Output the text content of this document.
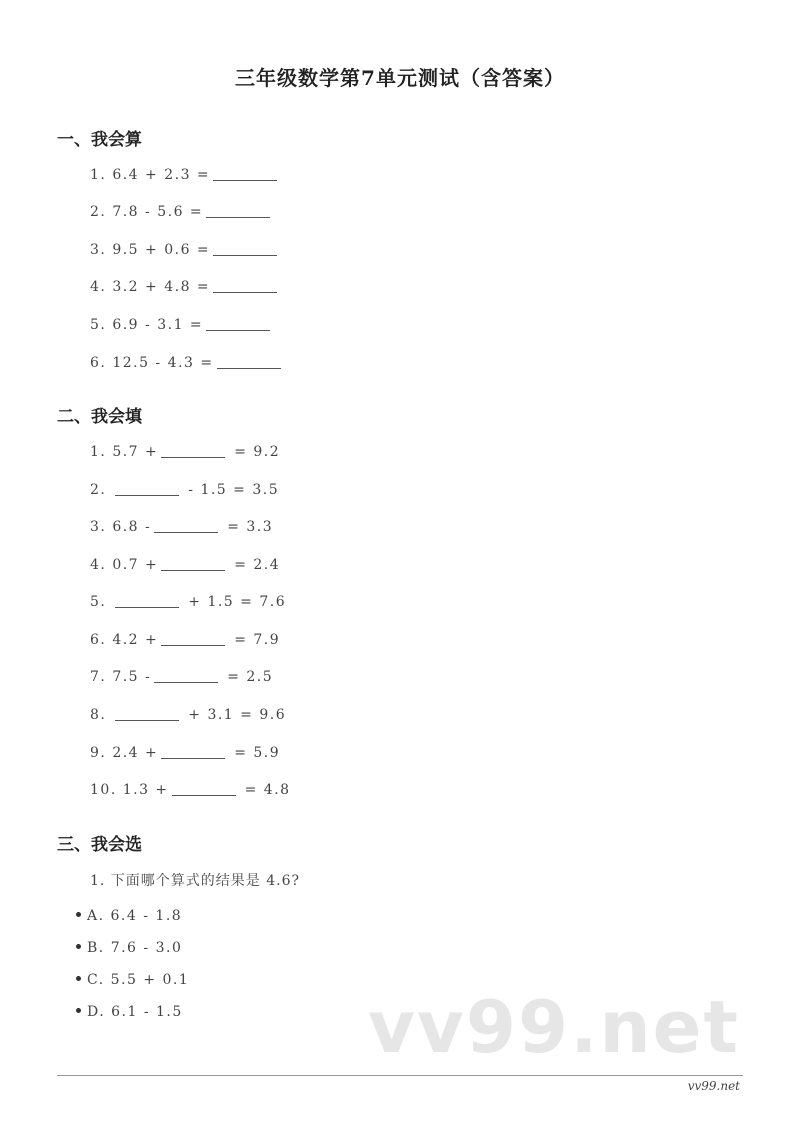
三年级数学第7单元测试（含答案）
一、我会算
1. 6.4 + 2.3 =
2. 7.8 - 5.6 =
3. 9.5 + 0.6 =
4. 3.2 + 4.8 =
5. 6.9 - 3.1 =
6. 12.5 - 4.3 =
二、我会填
1. 5.7 +	= 9.2
2.	- 1.5 = 3.5
3. 6.8 -	= 3.3
4. 0.7 +	= 2.4
5.	+ 1.5 = 7.6
6. 4.2 +	= 7.9
7. 7.5 -	= 2.5
8.	+ 3.1 = 9.6
9. 2.4 +	= 5.9
10. 1.3 +	= 4.8
三、我会选
1. 下面哪个算式的结果是 4.6?
A. 6.4 - 1.8
B. 7.6 - 3.0
C. 5.5 + 0.1
D. 6.1 - 1.5	vv99.net
vv99.net
